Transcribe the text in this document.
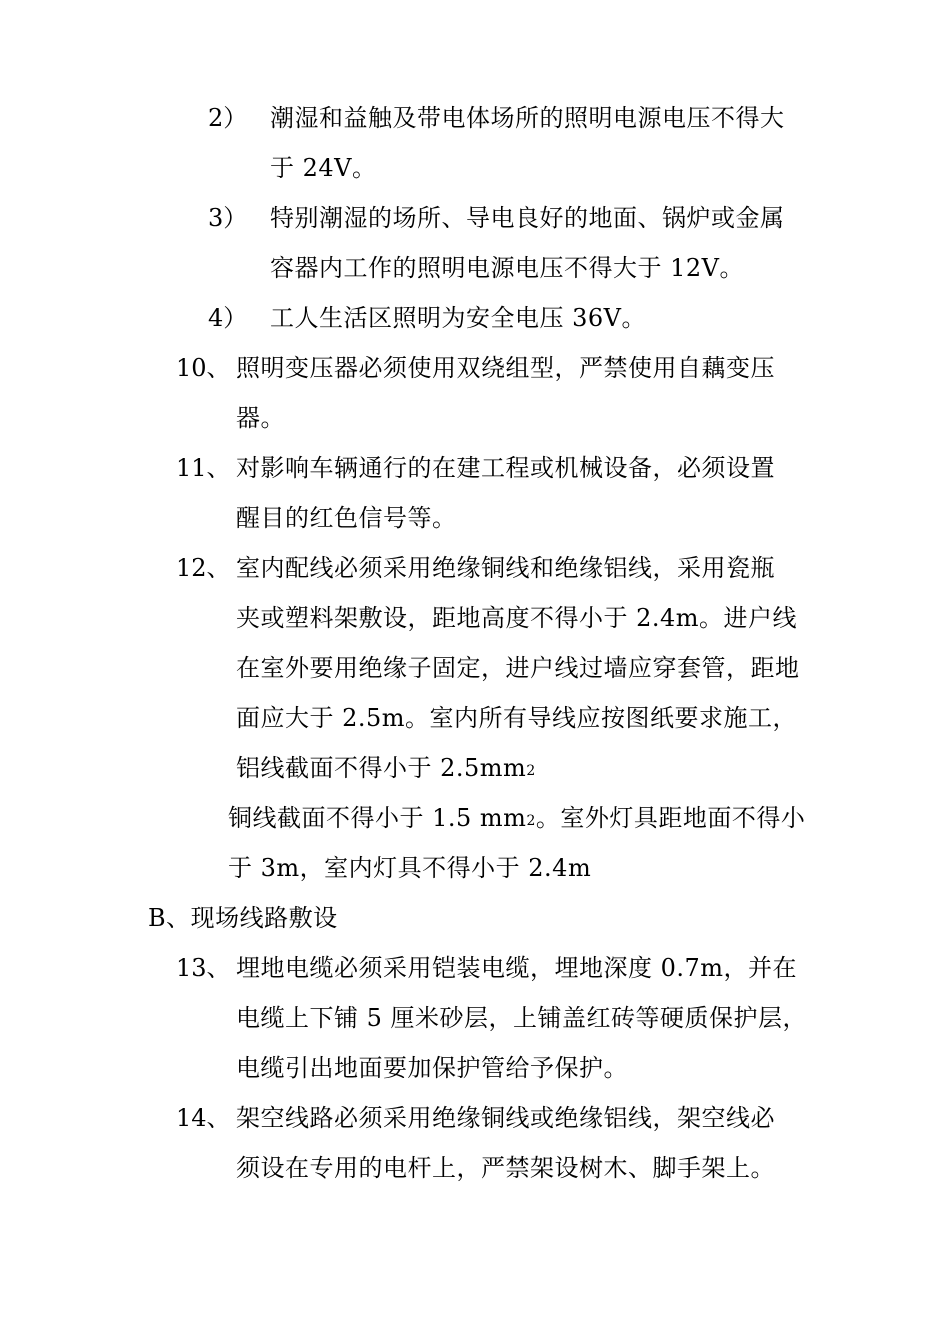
2） 潮湿和益触及带电体场所的照明电源电压不得大
于 24V。
3） 特别潮湿的场所、导电良好的地面、锅炉或金属
容器内工作的照明电源电压不得大于 12V。
4） 工人生活区照明为安全电压 36V。
10、 照明变压器必须使用双绕组型，严禁使用自藕变压
器。
11、 对影响车辆通行的在建工程或机械设备，必须设置
醒目的红色信号等。
12、 室内配线必须采用绝缘铜线和绝缘铝线，采用瓷瓶
夹或塑料架敷设，距地高度不得小于 2.4m。进户线
在室外要用绝缘子固定，进户线过墙应穿套管，距地
面应大于 2.5m。室内所有导线应按图纸要求施工，
铝线截面不得小于 $2.5mm^2$
铜线截面不得小于 1.5 $mm^2$。室外灯具距地面不得小
于 3m，室内灯具不得小于 2.4m
B、现场线路敷设
13、 埋地电缆必须采用铠装电缆，埋地深度 0.7m，并在
电缆上下铺 5 厘米砂层，上铺盖红砖等硬质保护层，
电缆引出地面要加保护管给予保护。
14、 架空线路必须采用绝缘铜线或绝缘铝线，架空线必
须设在专用的电杆上，严禁架设树木、脚手架上。
